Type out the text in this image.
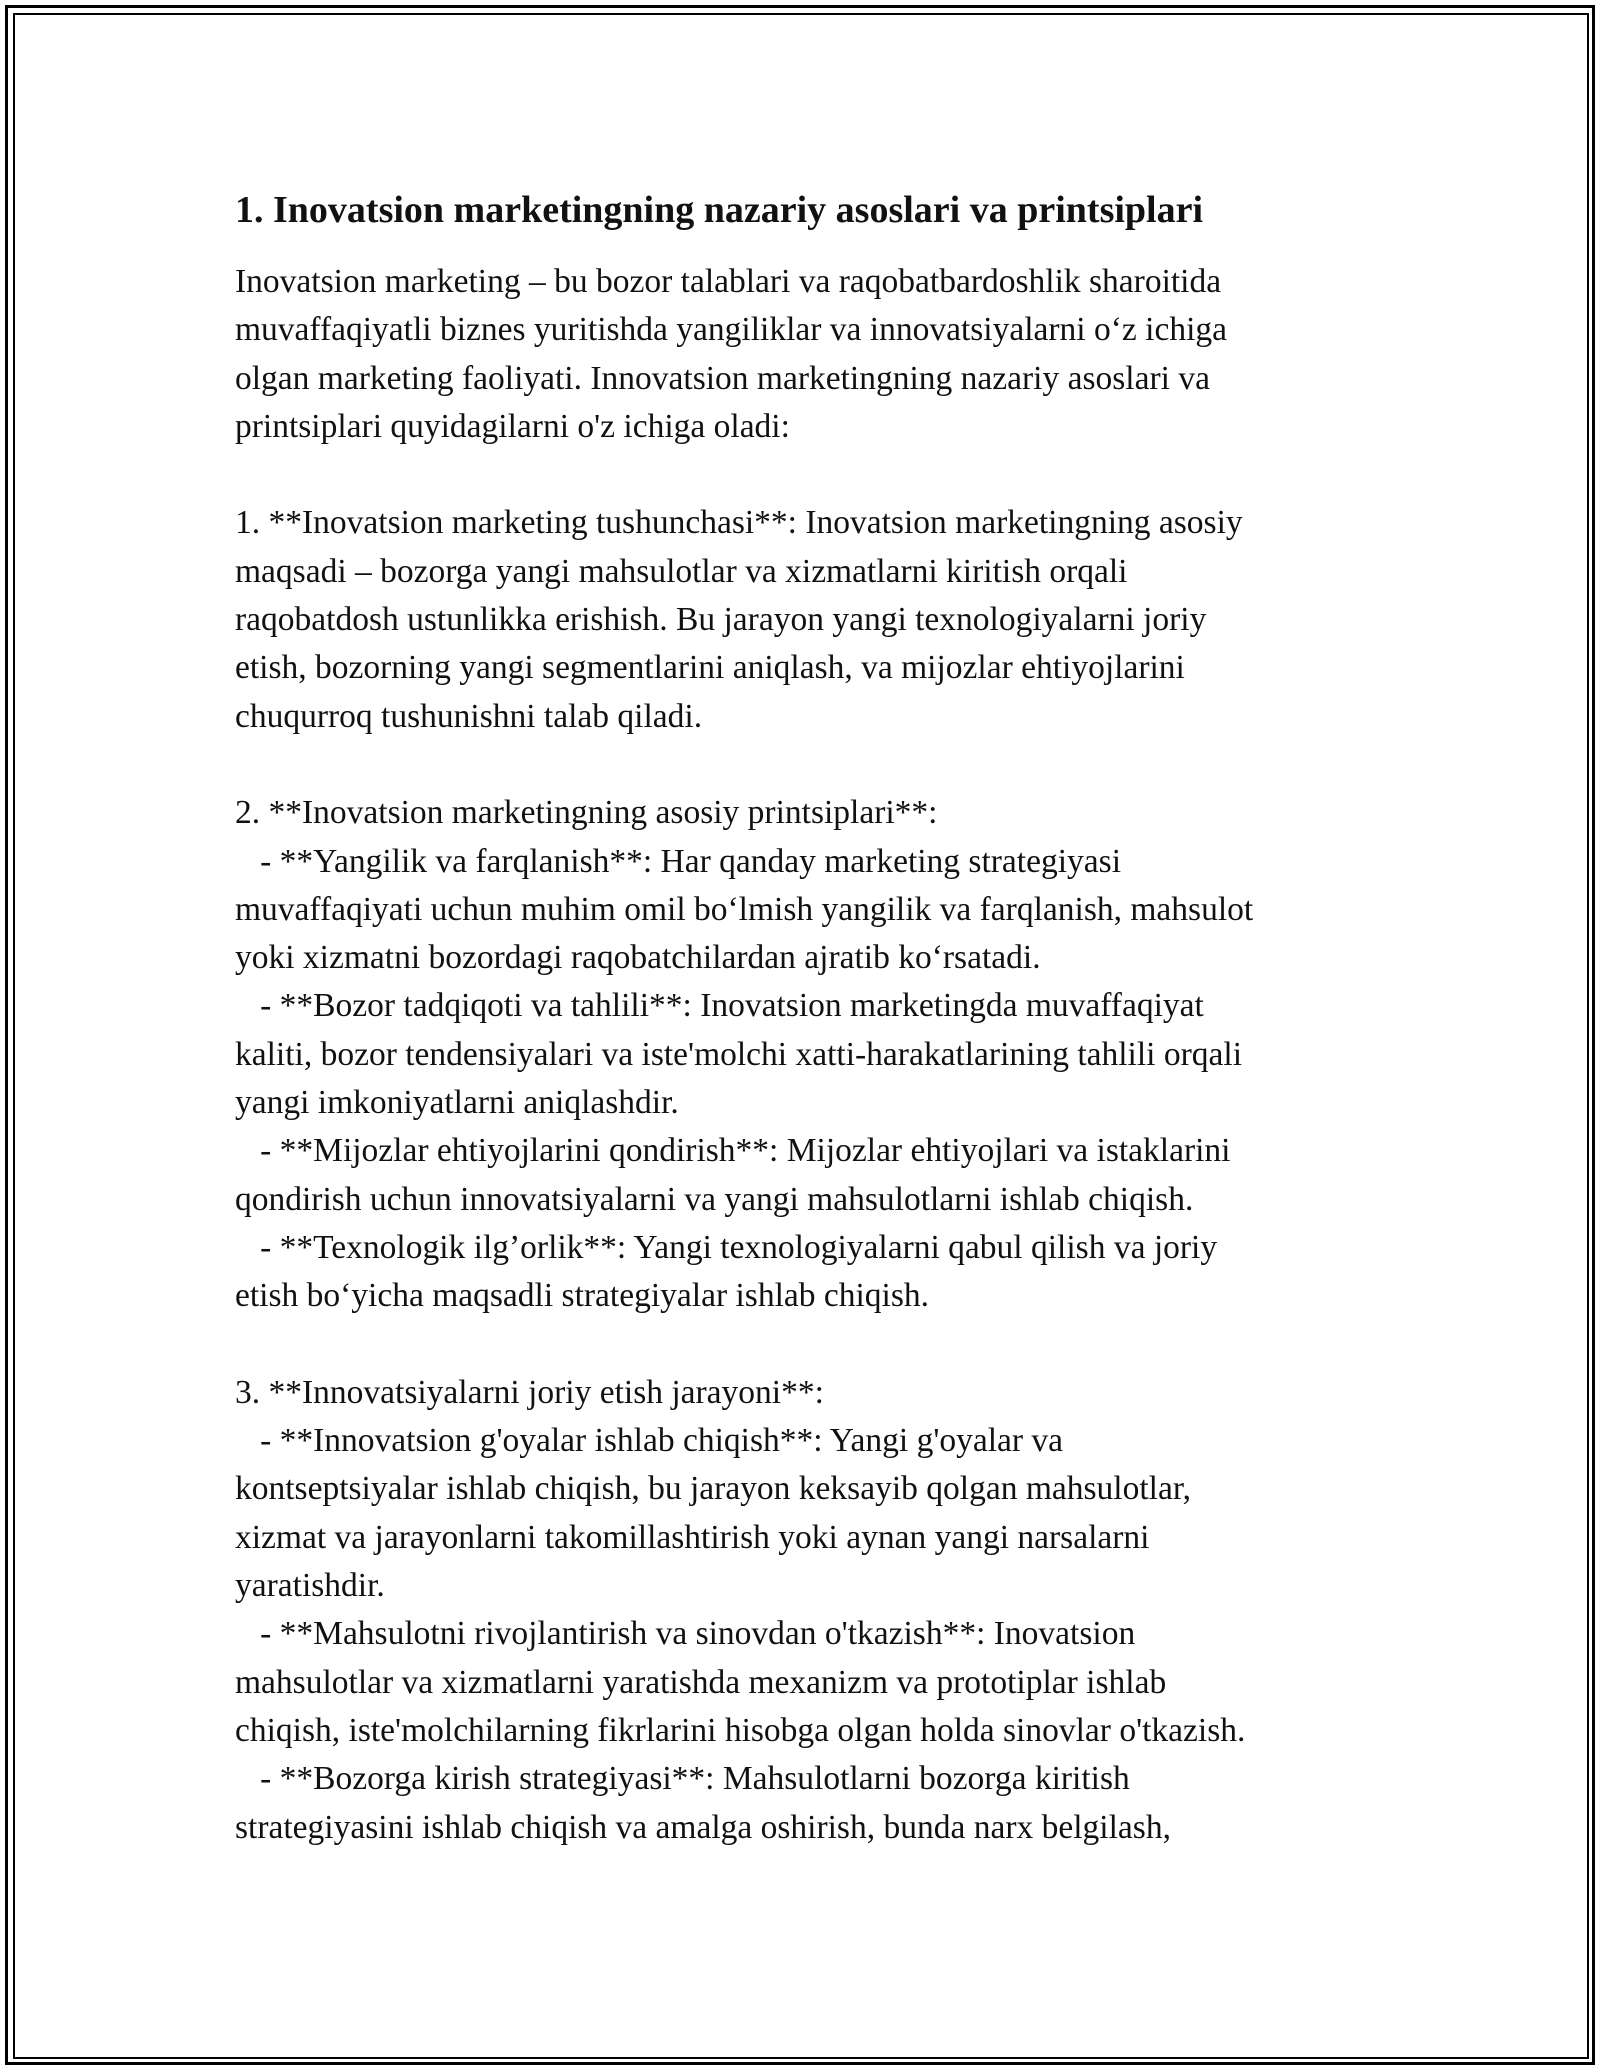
1. Inovatsion marketingning nazariy asoslari va printsiplari
Inovatsion marketing – bu bozor talablari va raqobatbardoshlik sharoitida
muvaffaqiyatli biznes yuritishda yangiliklar va innovatsiyalarni oʻz ichiga
olgan marketing faoliyati. Innovatsion marketingning nazariy asoslari va
printsiplari quyidagilarni o'z ichiga oladi:
1. **Inovatsion marketing tushunchasi**: Inovatsion marketingning asosiy
maqsadi – bozorga yangi mahsulotlar va xizmatlarni kiritish orqali
raqobatdosh ustunlikka erishish. Bu jarayon yangi texnologiyalarni joriy
etish, bozorning yangi segmentlarini aniqlash, va mijozlar ehtiyojlarini
chuqurroq tushunishni talab qiladi.
2. **Inovatsion marketingning asosiy printsiplari**:
- **Yangilik va farqlanish**: Har qanday marketing strategiyasi
muvaffaqiyati uchun muhim omil boʻlmish yangilik va farqlanish, mahsulot
yoki xizmatni bozordagi raqobatchilardan ajratib koʻrsatadi.
- **Bozor tadqiqoti va tahlili**: Inovatsion marketingda muvaffaqiyat
kaliti, bozor tendensiyalari va iste'molchi xatti-harakatlarining tahlili orqali
yangi imkoniyatlarni aniqlashdir.
- **Mijozlar ehtiyojlarini qondirish**: Mijozlar ehtiyojlari va istaklarini
qondirish uchun innovatsiyalarni va yangi mahsulotlarni ishlab chiqish.
- **Texnologik ilg’orlik**: Yangi texnologiyalarni qabul qilish va joriy
etish boʻyicha maqsadli strategiyalar ishlab chiqish.
3. **Innovatsiyalarni joriy etish jarayoni**:
- **Innovatsion g'oyalar ishlab chiqish**: Yangi g'oyalar va
kontseptsiyalar ishlab chiqish, bu jarayon keksayib qolgan mahsulotlar,
xizmat va jarayonlarni takomillashtirish yoki aynan yangi narsalarni
yaratishdir.
- **Mahsulotni rivojlantirish va sinovdan o'tkazish**: Inovatsion
mahsulotlar va xizmatlarni yaratishda mexanizm va prototiplar ishlab
chiqish, iste'molchilarning fikrlarini hisobga olgan holda sinovlar o'tkazish.
- **Bozorga kirish strategiyasi**: Mahsulotlarni bozorga kiritish
strategiyasini ishlab chiqish va amalga oshirish, bunda narx belgilash,
